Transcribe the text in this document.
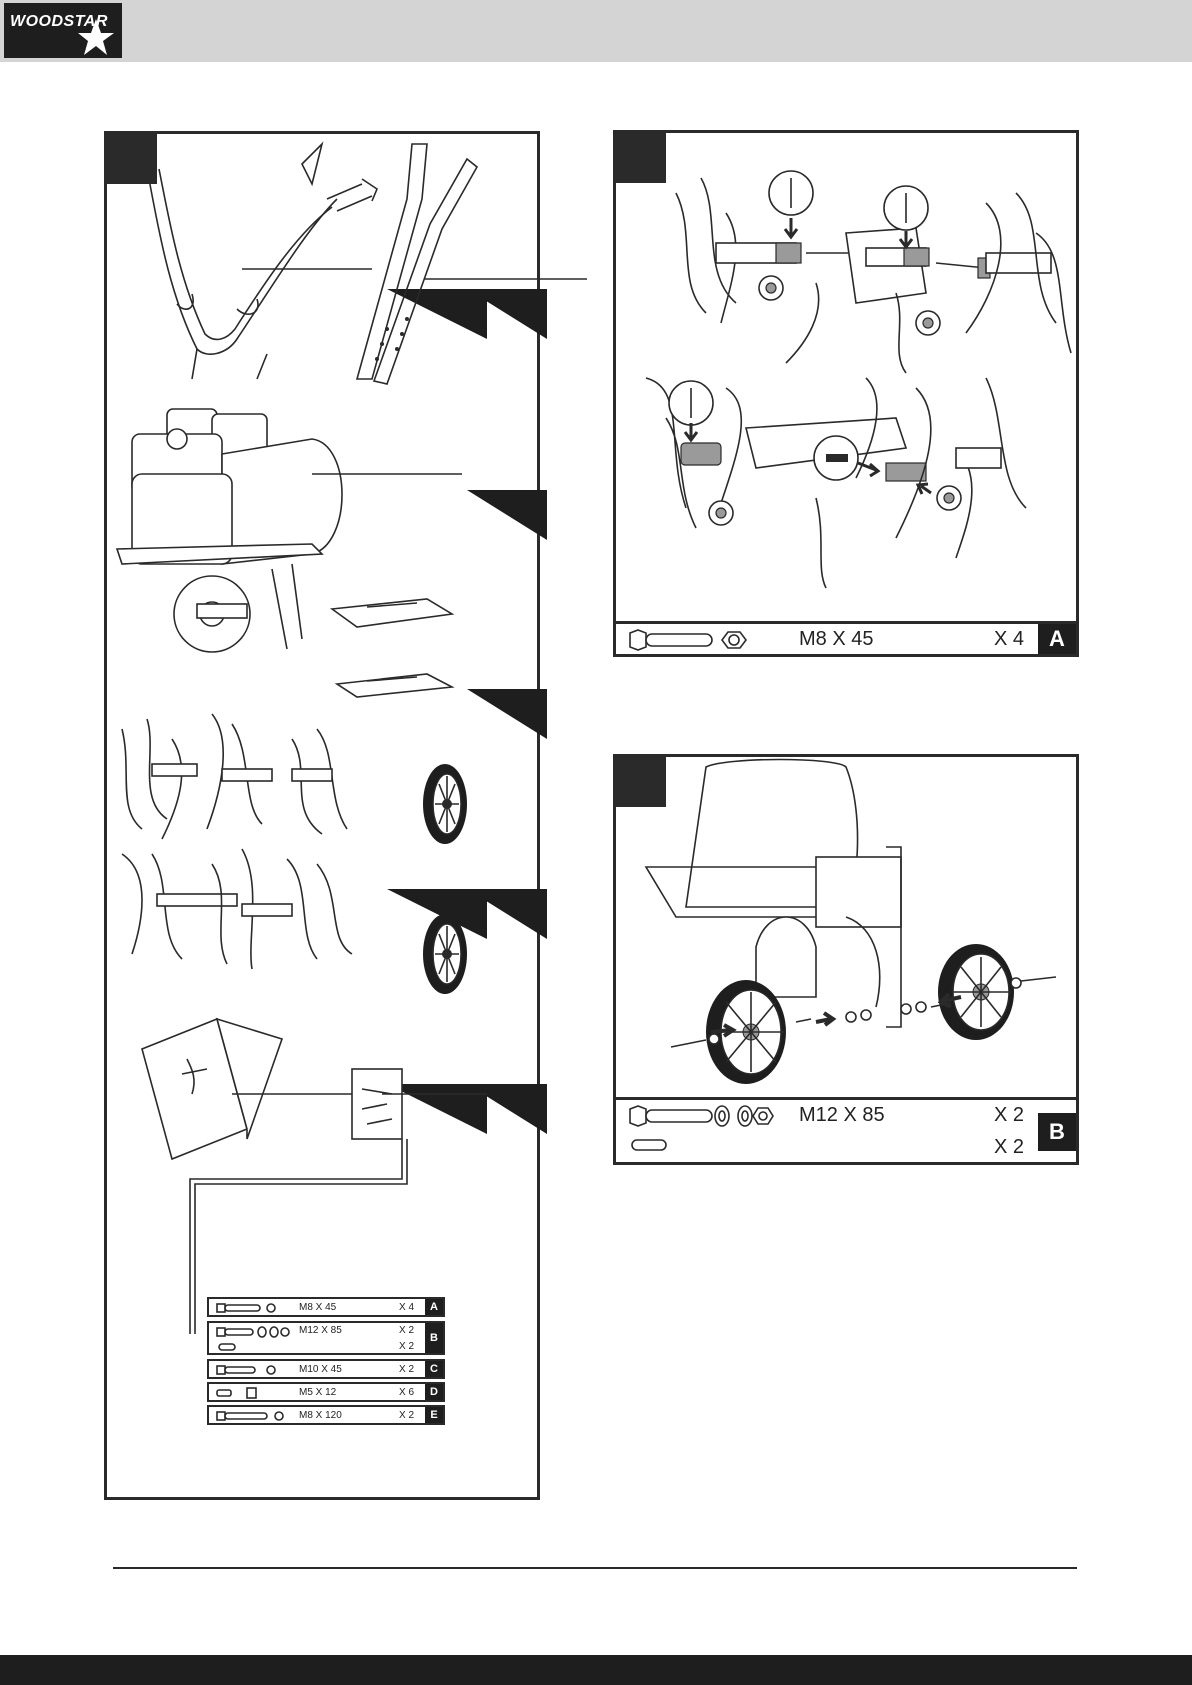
WOODSTAR
M8 X 45	X 4	A
M12 X 85	X 2
X 2
B
M10 X 45	X 2	C
M5 X 12	X 6	D
M8 X 120	X 2	E
M8 X 45	X 4	A
M12 X 85	X 2
X 2
B
